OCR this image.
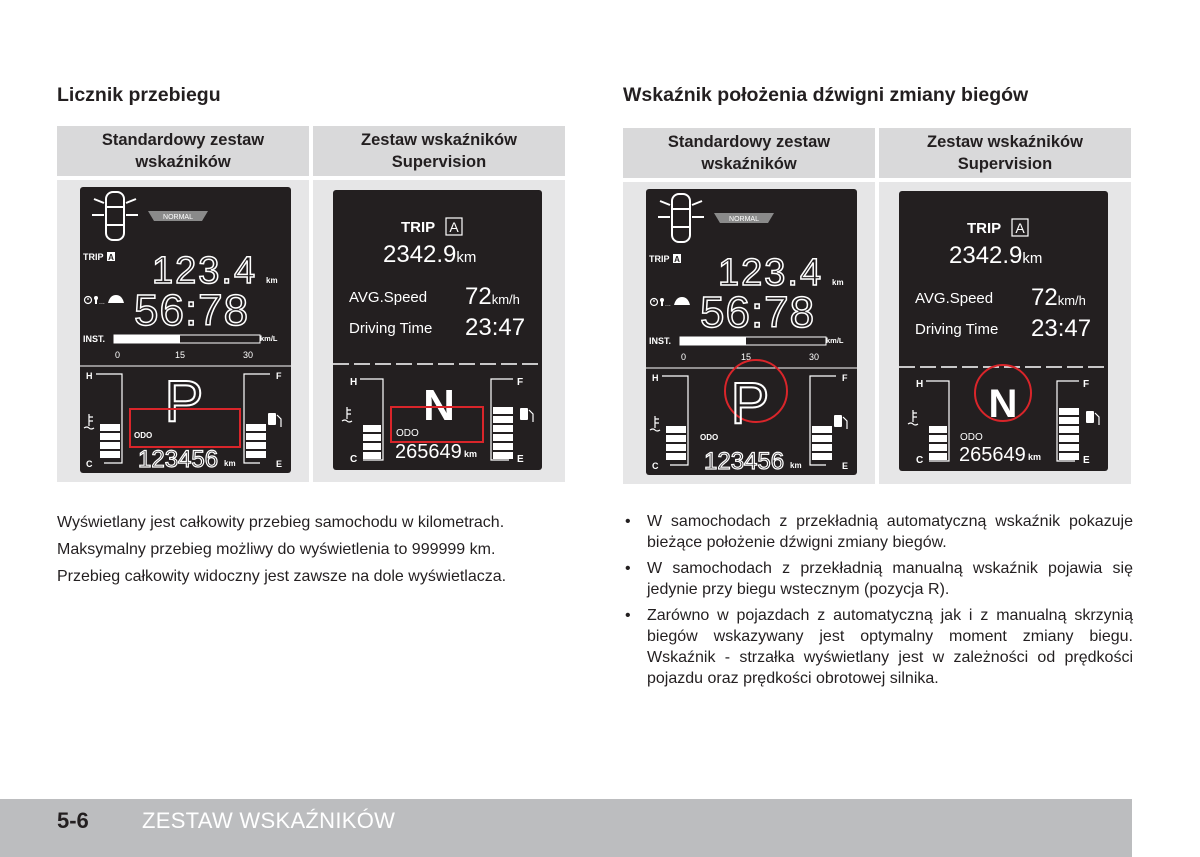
Licznik przebiegu
Standardowy zestaw wskaźników
Zestaw wskaźników Supervision
NORMAL
TRIP A 123.4 km
... 56:78
INST.	km/L
0	15	30
H
C
F
E
P
ODO
123456 km
TRIP A
2342.9km
AVG.Speed 72km/h
Driving Time 23:47
H
C
F
E
N
ODO
265649 km

Wyświetlany jest całkowity przebieg samochodu w kilometrach.

Maksymalny przebieg możliwy do wyświetlenia to 999999 km.

Przebieg całkowity widoczny jest zawsze na dole wyświetlacza.

Wskaźnik położenia dźwigni zmiany biegów
Standardowy zestaw wskaźników
Zestaw wskaźników Supervision
NORMAL
TRIP A 123.4 km
... 56:78
INST.	km/L
0	15	30
H
C
F
E
P
ODO
123456 km
TRIP A
2342.9km
AVG.Speed 72km/h
Driving Time 23:47
H
C
F
E
N
ODO
265649 km
• W samochodach z przekładnią automatyczną wskaźnik pokazuje bieżące położenie dźwigni zmiany biegów.
• W samochodach z przekładnią manualną wskaźnik pojawia się jedynie przy biegu wstecznym (pozycja R).
• Zarówno w pojazdach z automatyczną jak i z manualną skrzynią biegów wskazywany jest optymalny moment zmiany biegu. Wskaźnik - strzałka wyświetlany jest w zależności od prędkości pojazdu oraz prędkości obrotowej silnika.
5-6 ZESTAW WSKAŹNIKÓW
